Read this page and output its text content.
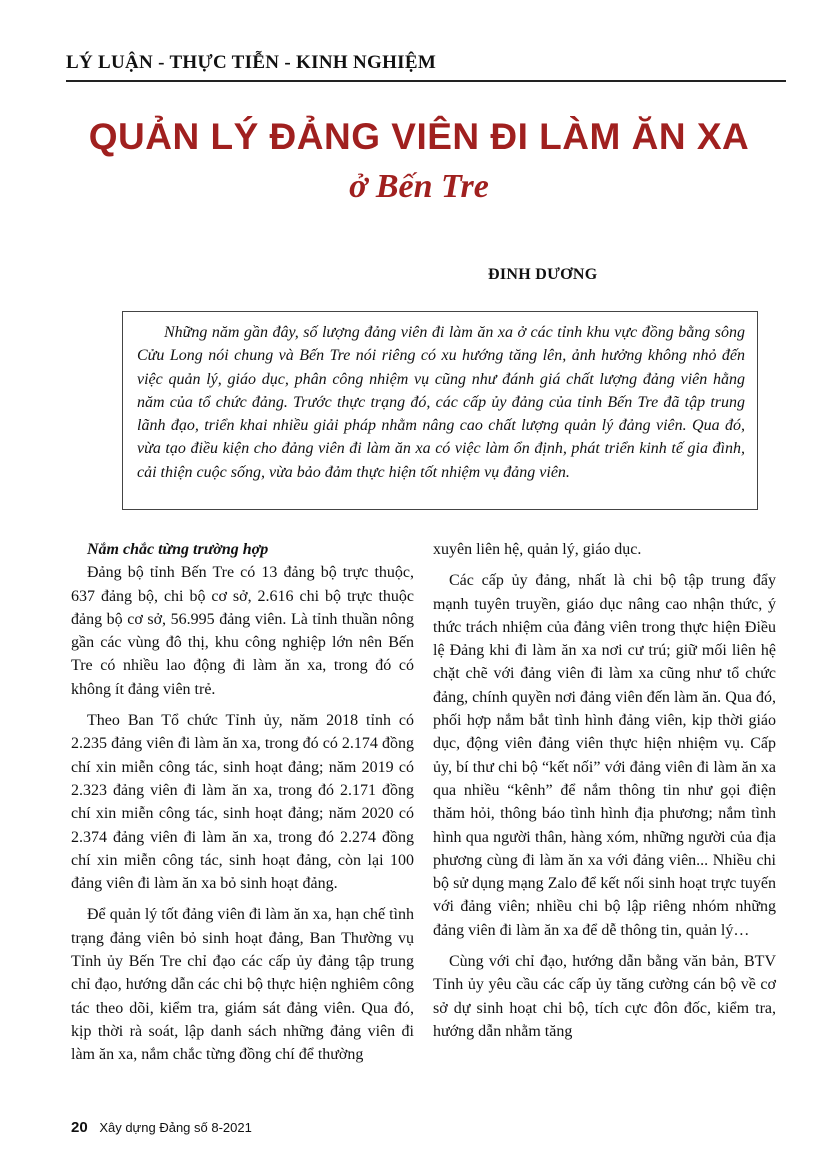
LÝ LUẬN - THỰC TIỄN - KINH NGHIỆM
QUẢN LÝ ĐẢNG VIÊN ĐI LÀM ĂN XA
ở Bến Tre
ĐINH DƯƠNG

Những năm gần đây, số lượng đảng viên đi làm ăn xa ở các tỉnh khu vực đồng bằng sông Cửu Long nói chung và Bến Tre nói riêng có xu hướng tăng lên, ảnh hưởng không nhỏ đến việc quản lý, giáo dục, phân công nhiệm vụ cũng như đánh giá chất lượng đảng viên hằng năm của tổ chức đảng. Trước thực trạng đó, các cấp ủy đảng của tỉnh Bến Tre đã tập trung lãnh đạo, triển khai nhiều giải pháp nhằm nâng cao chất lượng quản lý đảng viên. Qua đó, vừa tạo điều kiện cho đảng viên đi làm ăn xa có việc làm ổn định, phát triển kinh tế gia đình, cải thiện cuộc sống, vừa bảo đảm thực hiện tốt nhiệm vụ đảng viên.

Nắm chắc từng trường hợp

Đảng bộ tỉnh Bến Tre có 13 đảng bộ trực thuộc, 637 đảng bộ, chi bộ cơ sở, 2.616 chi bộ trực thuộc đảng bộ cơ sở, 56.995 đảng viên. Là tỉnh thuần nông gần các vùng đô thị, khu công nghiệp lớn nên Bến Tre có nhiều lao động đi làm ăn xa, trong đó có không ít đảng viên trẻ.

Theo Ban Tổ chức Tỉnh ủy, năm 2018 tỉnh có 2.235 đảng viên đi làm ăn xa, trong đó có 2.174 đồng chí xin miễn công tác, sinh hoạt đảng; năm 2019 có 2.323 đảng viên đi làm ăn xa, trong đó 2.171 đồng chí xin miễn công tác, sinh hoạt đảng; năm 2020 có 2.374 đảng viên đi làm ăn xa, trong đó 2.274 đồng chí xin miễn công tác, sinh hoạt đảng, còn lại 100 đảng viên đi làm ăn xa bỏ sinh hoạt đảng.

Để quản lý tốt đảng viên đi làm ăn xa, hạn chế tình trạng đảng viên bỏ sinh hoạt đảng, Ban Thường vụ Tỉnh ủy Bến Tre chỉ đạo các cấp ủy đảng tập trung chỉ đạo, hướng dẫn các chi bộ thực hiện nghiêm công tác theo dõi, kiểm tra, giám sát đảng viên. Qua đó, kịp thời rà soát, lập danh sách những đảng viên đi làm ăn xa, nắm chắc từng đồng chí để thường

xuyên liên hệ, quản lý, giáo dục.

Các cấp ủy đảng, nhất là chi bộ tập trung đẩy mạnh tuyên truyền, giáo dục nâng cao nhận thức, ý thức trách nhiệm của đảng viên trong thực hiện Điều lệ Đảng khi đi làm ăn xa nơi cư trú; giữ mối liên hệ chặt chẽ với đảng viên đi làm xa cũng như tổ chức đảng, chính quyền nơi đảng viên đến làm ăn. Qua đó, phối hợp nắm bắt tình hình đảng viên, kịp thời giáo dục, động viên đảng viên thực hiện nhiệm vụ. Cấp ủy, bí thư chi bộ “kết nối” với đảng viên đi làm ăn xa qua nhiều “kênh” để nắm thông tin như gọi điện thăm hỏi, thông báo tình hình địa phương; nắm tình hình qua người thân, hàng xóm, những người của địa phương cùng đi làm ăn xa với đảng viên... Nhiều chi bộ sử dụng mạng Zalo để kết nối sinh hoạt trực tuyến với đảng viên; nhiều chi bộ lập riêng nhóm những đảng viên đi làm ăn xa để dễ thông tin, quản lý…

Cùng với chỉ đạo, hướng dẫn bằng văn bản, BTV Tỉnh ủy yêu cầu các cấp ủy tăng cường cán bộ về cơ sở dự sinh hoạt chi bộ, tích cực đôn đốc, kiểm tra, hướng dẫn nhằm tăng

20 Xây dựng Đảng số 8-2021
